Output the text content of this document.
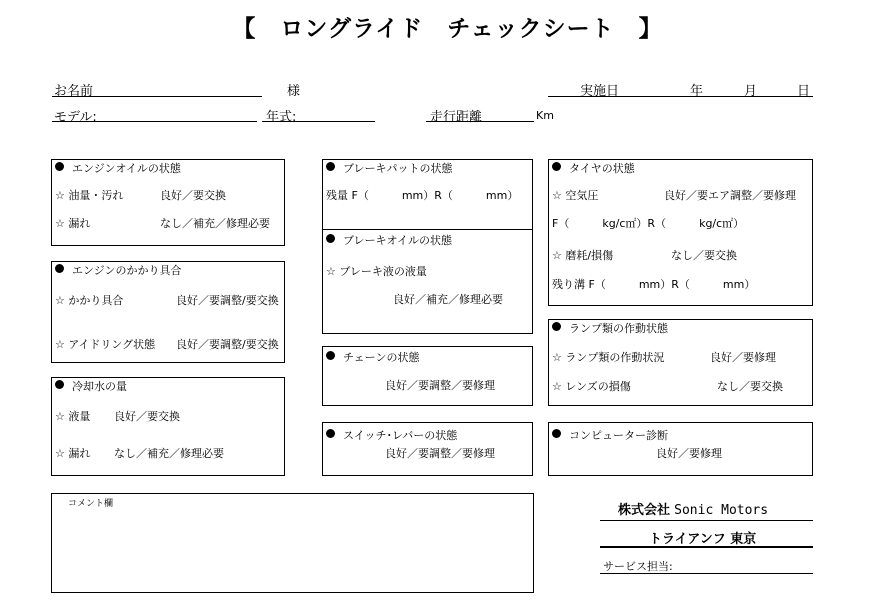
【　ロングライド　チェックシート　】
お名前	様	実施日	年	月	日
モデル:	年式:	走行距離	Km
エンジンオイルの状態
☆ 油量・汚れ	良好／要交換
☆ 漏れ	なし／補充／修理必要
エンジンのかかり具合
☆ かかり具合	良好／要調整/要交換
☆ アイドリング状態 良好／要調整/要交換
冷却水の量
☆ 液量 良好／要交換
☆ 漏れ なし／補充／修理必要
ブレーキパットの状態
残量 F（　　　mm）R（　　　mm）
ブレーキオイルの状態
☆ ブレーキ液の液量
良好／補充／修理必要
チェーンの状態
良好／要調整／要修理
スイッチ･レバーの状態
良好／要調整／要修理
タイヤの状態
☆ 空気圧	良好／要エア調整／要修理
F（　　　kg/c㎡）R（　　　kg/c㎡）
☆ 磨耗/損傷	なし／要交換
残り溝 F（　　　mm）R（　　　mm）
ランプ類の作動状態
☆ ランプ類の作動状況	良好／要修理
☆ レンズの損傷	なし／要交換
コンピューター診断
良好／要修理
コメント欄	株式会社 Sonic Motors
トライアンフ 東京
サービス担当:
